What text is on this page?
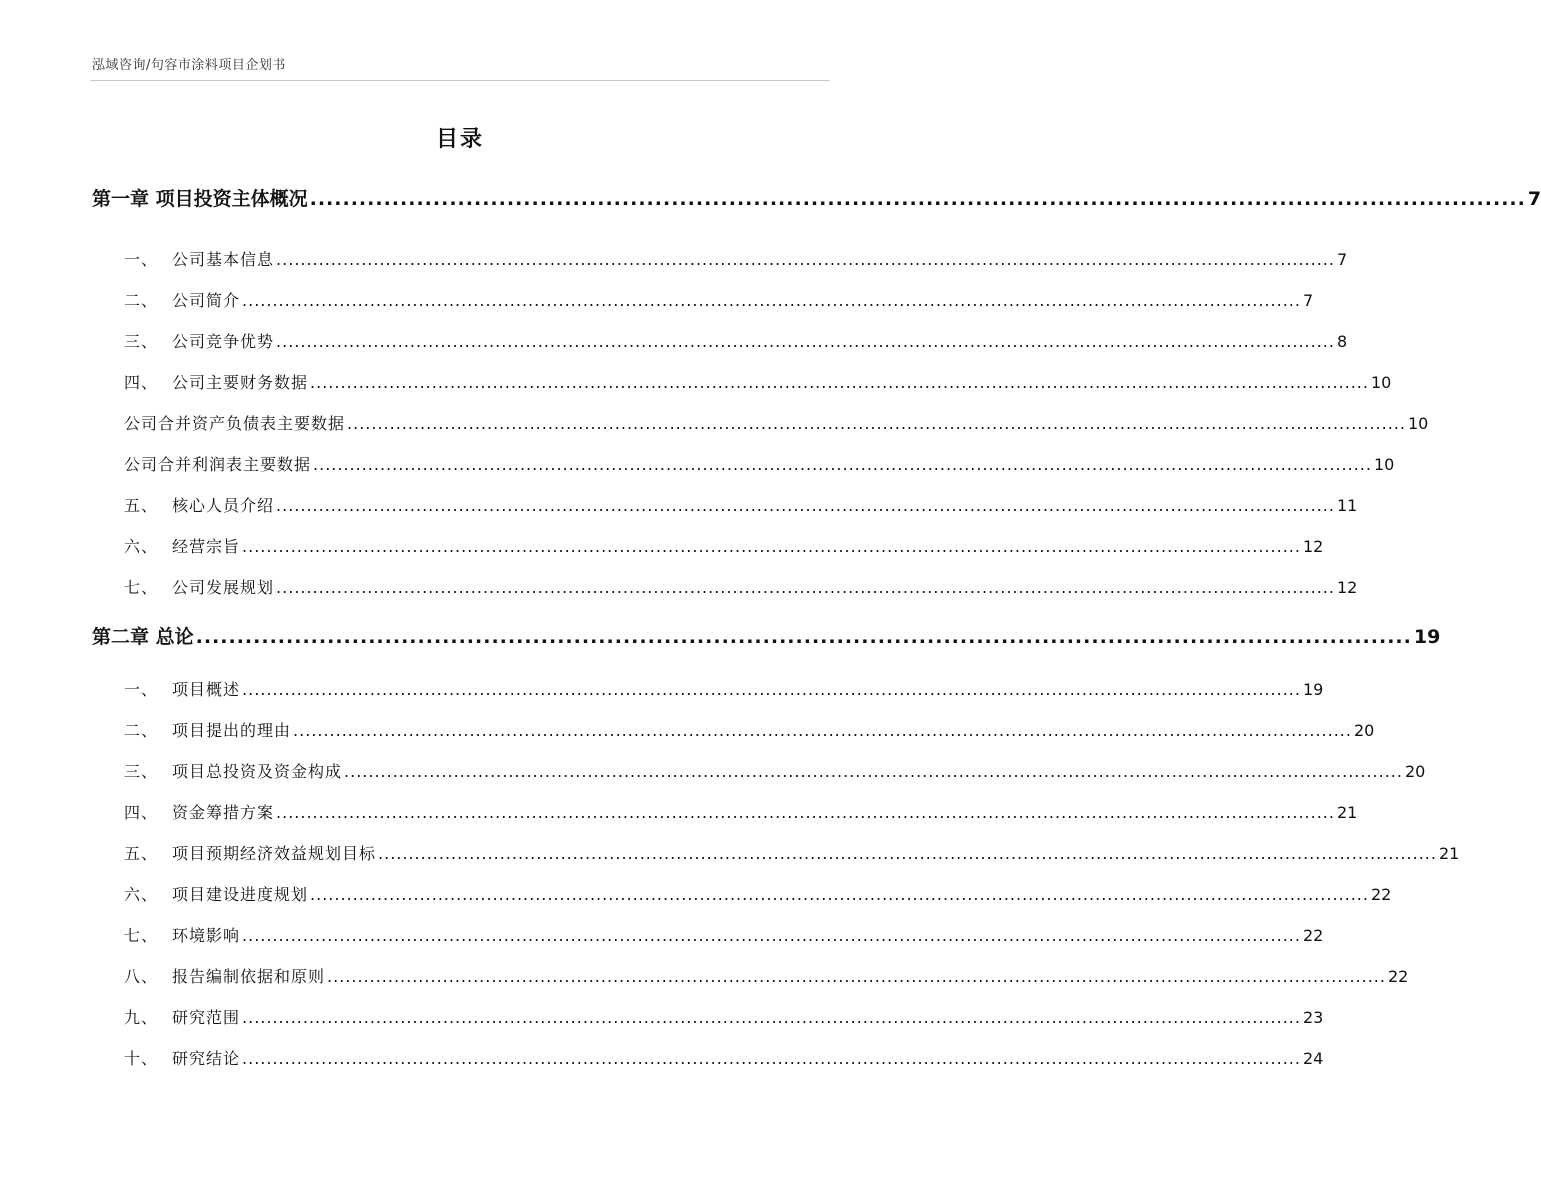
泓域咨询/句容市涂料项目企划书
目录
第一章 项目投资主体概况 .................................................................................................................................................... 7
一、 公司基本信息 .............................................................................................................................................................................. 7
二、 公司简介 .............................................................................................................................................................................. 7
三、 公司竞争优势 .............................................................................................................................................................................. 8
四、 公司主要财务数据 .............................................................................................................................................................................. 10
公司合并资产负债表主要数据 .............................................................................................................................................................................. 10
公司合并利润表主要数据 .............................................................................................................................................................................. 10
五、 核心人员介绍 .............................................................................................................................................................................. 11
六、 经营宗旨 .............................................................................................................................................................................. 12
七、 公司发展规划 .............................................................................................................................................................................. 12
第二章 总论 .................................................................................................................................................... 19
一、 项目概述 .............................................................................................................................................................................. 19
二、 项目提出的理由 .............................................................................................................................................................................. 20
三、 项目总投资及资金构成 .............................................................................................................................................................................. 20
四、 资金筹措方案 .............................................................................................................................................................................. 21
五、 项目预期经济效益规划目标 .............................................................................................................................................................................. 21
六、 项目建设进度规划 .............................................................................................................................................................................. 22
七、 环境影响 .............................................................................................................................................................................. 22
八、 报告编制依据和原则 .............................................................................................................................................................................. 22
九、 研究范围 .............................................................................................................................................................................. 23
十、 研究结论 .............................................................................................................................................................................. 24
